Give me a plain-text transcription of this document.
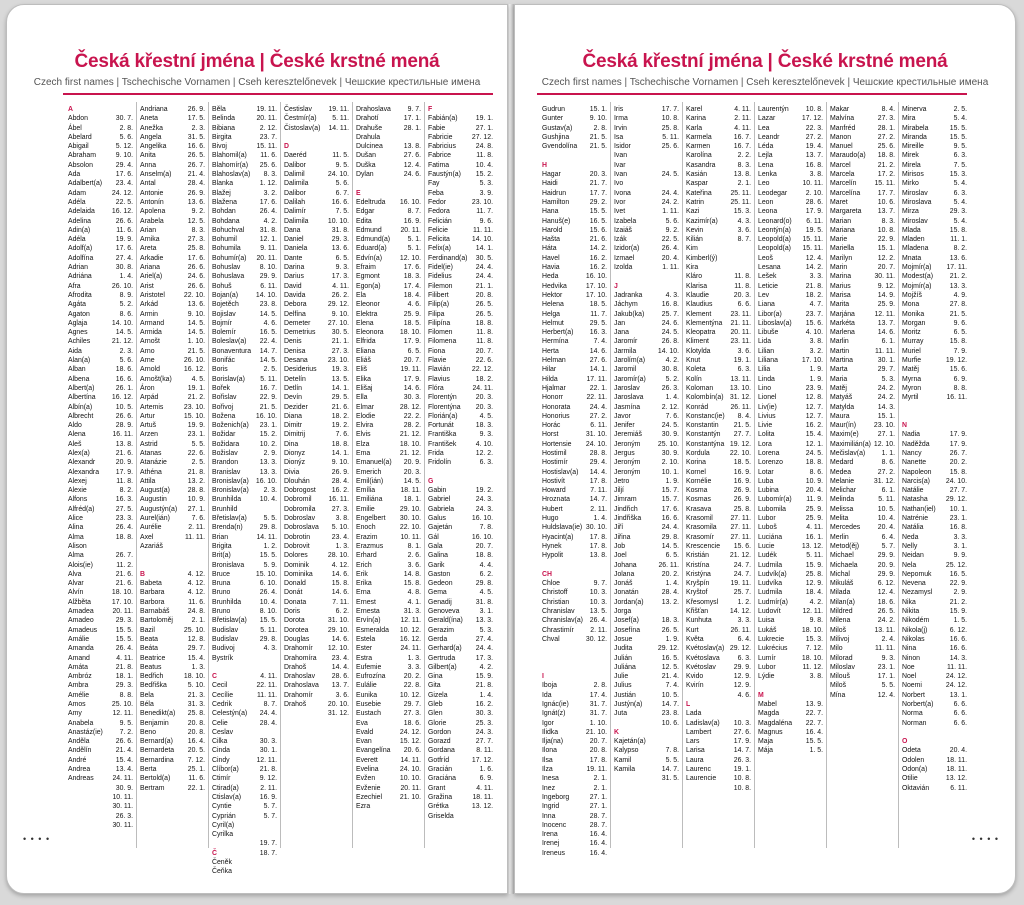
Česká křestní jména | České krstné mená
Czech first names | Tschechische Vornamen | Cseh keresztelőnevek | Чешские крестильные имена
A
Abdon
Ábel
Abelard
Abigail
Abraham
Absolon
Ada
Adalbert(a)
Adam
Adéla
Adelaida
Adelina
Adin(a)
Adéla
Adolf(a)
Adolfína
Adrian
Adriána
Afra
Afrodita
Agáta
Agaton
Aglaja
Agnes
Achiles
Aida
Alan(a)
Alban
Albena
Albert(a)
Albertína
Albín(a)
Albrecht
Aldo
Alena
Aleš
Alex(a)
Alexandr
Alexandra
Alexej
Alexie
Alfons
Alfréd(a)
Alice
Alina
Alma
Alison
Alma
Alois(ie)
Alva
Alvar
Alvín
Alžběta
Amadea
Amadeo
Amadeus
Amálie
Amanda
Amand
Amáta
Ambróz
Ambra
Amélie
Amos
Amy
Anabela
Anastáz(ie)
Anděla
Andělín
André
Andrea
Andreas

30. 7.
2. 8.
5. 6.
5. 12.
9. 10.
29. 4.
17. 6.
23. 4.
24. 12.
22. 5.
16. 12.
26. 6.
11. 6.
19. 9.
17. 6.
27. 4.
30. 8.
1. 4.
26. 10.
8. 9.
5. 2.
8. 6.
14. 10.
14. 5.
21. 12.
2. 3.
5. 6.
18. 6.
16. 6.
26. 1.
16. 12.
10. 5.
26. 6.
28. 9.
16. 11.
13. 8.
21. 6.
20. 9.
17. 9.
11. 8.
8. 2.
16. 3.
27. 5.
23. 3.
26. 4.
18. 8.

26. 7.
11. 2.
21. 6.
21. 6.
18. 10.
17. 10.
20. 11.
29. 3.
15. 5.
15. 5.
26. 4.
4. 11.
21. 8.
18. 1.
29. 3.
8. 8.
25. 10.
12. 11.
9. 5.
7. 2.
26. 6.
21. 4.
15. 4.
13. 4.
24. 11.
30. 9.
10. 11.
30. 11.
26. 3.
30. 11.
Andriana
Aneta
Anežka
Angela
Angelika
Anita
Anna
Anselm(a)
Antal
Antonie
Antonín
Apolena
Arabela
Arian
Arnika
Areta
Arkadie
Ariana
Ariel(a)
Arist
Aristotel
Arkád
Armin
Armand
Armida
Arnošt
Arno
Arne
Arnold
Arnošt(ka)
Áron
Arpád
Artemis
Artur
Artuš
Arzen
Astrid
Atanas
Atanázie
Athéna
Attila
August(a)
Augustin
Augustýn(a)
Aurel(ián)
Aurélie
Axel
Azariáš

B
Babeta
Barbara
Barbora
Barnabáš
Bartoloměj
Bazil
Beata
Beáta
Beatrice
Beatus
Bedřich
Bedřiška
Bela
Béla
Benedikt(a)
Benjamin
Beno
Bernard(a)
Bernardeta
Bernardina
Berta
Bertold(a)
Bertram
26. 9.
17. 5.
2. 3.
31. 5.
16. 6.
26. 5.
26. 7.
21. 4.
28. 4.
26. 9.
13. 6.
9. 2.
12. 5.
8. 3.
27. 3.
25. 8.
17. 6.
26. 6.
24. 6.
26. 6.
22. 10.
13. 6.
9. 10.
14. 5.
14. 5.
1. 10.
21. 5.
26. 10.
16. 12.
4. 5.
19. 1.
21. 2.
23. 10.
15. 10.
19. 9.
23. 1.
5. 5.
22. 6.
2. 5.
21. 8.
13. 2.
28. 8.
10. 9.
27. 1.
7. 6.
2. 11.
11. 11.

4. 12.
4. 12.
4. 12.
11. 6.
24. 8.
2. 1.
25. 10.
12. 8.
29. 7.
15. 4.
1. 3.
18. 10.
5. 10.
21. 3.
31. 3.
25. 8.
20. 8.
20. 8.
16. 4.
20. 5.
7. 12.
25. 1.
11. 6.
22. 1.
Běla
Belinda
Bibiana
Birgita
Bivoj
Blahomil(a)
Blahomír(a)
Blahoslav(a)
Blanka
Blažej
Blažena
Bohdan
Bohdana
Bohuchval
Bohumil
Bohumila
Bohumír(a)
Bohuslav
Bohuslava
Bohuš
Bojan(a)
Bojetěch
Bojislav
Bojmír
Bolemír
Boleslav(a)
Bonaventura
Bonifác
Boris
Borislav(a)
Bořek
Bořislav
Bořivoj
Božena
Boženich(a)
Božidar
Božidara
Božislav
Brandon
Branislav
Bronislav(a)
Bronislav(a)
Brunhilda
Brunhild
Břetislav(a)
Brenda(n)
Brian
Brigita
Brit(a)
Bronislava
Bruce
Bruna
Bruno
Brunhilda
Bruno
Břetislav(a)
Budislav
Budislav
Budivoj
Bystrík

C
Cecil
Cecílie
Cedrik
Celestýn(a)
Celie
Ceslav
Cilka
Cinda
Cindy
Clíbor(a)
Ctimír
Ctirad(a)
Ctislav(a)
Cyntie
Cyprián
Cyril(a)
Cyrilka

Č
Čeněk
Čeňka
19. 11.
20. 11.
2. 12.
23. 7.
15. 11.
11. 6.
25. 6.
8. 3.
1. 12.
3. 2.
17. 6.
26. 4.
4. 2.
31. 8.
12. 1.
9. 11.
20. 11.
8. 10.
29. 9.
6. 11.
14. 10.
23. 8.
14. 5.
4. 6.
16. 5.
22. 4.
14. 7.
14. 5.
2. 5.
5. 11.
16. 7.
22. 9.
21. 5.
16. 10.
23. 1.
15. 2.
10. 2.
2. 9.
13. 3.
13. 3.
16. 10.
2. 3.
10. 4.

5. 5.
29. 8.
14. 11.
1. 2.
15. 5.
5. 9.
15. 10.
6. 10.
26. 4.
10. 4.
8. 10.
15. 5.
5. 11.
29. 8.
4. 3.

4. 11.
22. 11.
11. 11.
8. 7.
24. 4.
28. 4.

30. 3.
30. 1.
12. 11.
21. 8.
9. 12.
2. 11.
16. 9.
5. 7.
5. 7.

19. 7.
18. 7.
Čestislav
Čestmír(a)
Čistoslav(a)

D
Daeréd
Dalibor
Dalimil
Dalimila
Dalibor
Dalilah
Dalimír
Dalimila
Dana
Daniel
Daniela
Dante
Darina
Darius
David
Davida
Debora
Delfína
Demeter
Demetrius
Denis
Denisa
Desana
Desiderius
Detelín
Detlín
Devín
Dezider
Diana
Dimitr
Dimitrij
Dina
Dionyz
Dionýz
Divia
Dlouhán
Dobrogost
Dobromil
Dobromila
Dobroslav
Dobroslava
Dobrotin
Dobrovit
Dolores
Dominik
Dominika
Donald
Donát
Donata
Doris
Dorota
Dorotea
Douglas
Drahomír
Drahomíra
Drahoš
Drahoslav
Drahoslava
Drahomír
Drahoš
19. 11.
5. 11.
14. 11.

11. 5.
9. 5.
24. 10.
5. 6.
6. 7.
16. 6.
7. 5.
10. 10.
31. 8.
29. 3.
13. 6.
6. 5.
9. 3.
17. 3.
4. 11.
26. 2.
29. 12.
9. 10.
27. 10.
30. 5.
21. 1.
27. 3.
23. 10.
19. 3.
13. 5.
14. 1.
29. 5.
21. 6.
18. 2.
19. 2.
7. 6.
18. 8.
14. 1.
9. 10.
26. 9.
28. 4.
16. 2.
16. 11.
27. 3.
3. 8.
5. 10.
23. 4.
1. 3.
28. 10.
4. 12.
14. 6.
15. 8.
14. 6.
7. 11.
6. 2.
31. 10.
29. 10.
14. 6.
12. 10.
23. 4.
14. 4.
28. 6.
13. 7.
3. 6.
20. 10.
31. 12.
Drahoslava
Drahotí
Drahuše
Drahula
Dulcinea
Dušan
Duška
Dylan

E
Edeltruda
Edgar
Edita
Edmund
Edmund(a)
Eduard(a)
Edvín(a)
Efraim
Egmont
Egon(a)
Ela
Eleonor
Elektra
Elena
Eleonora
Elfrida
Eliana
Eliáš
Eliš
Elika
Elišaj
Ella
Elmar
Elodie
Elvira
Elvis
Elza
Ema
Emanuel(a)
Emerich
Emil(ián)
Emília
Emiliána
Emilie
Engelbert
Enoch
Erazim
Erazmus
Erhard
Erich
Erik
Erika
Erna
Ernest
Ernesta
Ervín(a)
Esmeralda
Estela
Ester
Estra
Eufemie
Eufrozína
Eulálie
Eunika
Eusebie
Eustach
Eva
Evald
Evan
Evangelína
Everett
Evelina
Evžen
Evženie
Ezechiel
Ezra
9. 7.
17. 1.
28. 1.

13. 8.
27. 6.
12. 4.
24. 6.

16. 10.
8. 7.
16. 9.
20. 11.
5. 1.
5. 1.
12. 10.
17. 6.
18. 3.
17. 4.
18. 4.
4. 6.
25. 9.
18. 5.
18. 10.
17. 9.
6. 5.
20. 7.
19. 11.
17. 9.
14. 6.
30. 3.
28. 12.
22. 2.
28. 2.
21. 12.
18. 10.
21. 12.
20. 9.
20. 3.
14. 5.
18. 11.
18. 1.
29. 10.
30. 10.
22. 10.
10. 11.
8. 1.
2. 6.
3. 6.
14. 8.
15. 8.
4. 8.
4. 1.
31. 3.
12. 11.
10. 12.
16. 12.
24. 11.
1. 3.
3. 3.
20. 2.
22. 8.
10. 12.
29. 7.
27. 3.
18. 6.
24. 12.
15. 12.
20. 6.
14. 11.
24. 10.
10. 10.
20. 11.
21. 10.
F
Fabián(a)
Fabie
Fabricie
Fabricius
Fabrice
Fatima
Faustýn(a)
Fay
Feba
Fedor
Fedora
Felicián
Felicie
Felicita
Felix(a)
Ferdinand(a)
Fidel(ie)
Fidelius
Filemon
Filibert
Filip(a)
Filipa
Filipína
Filomen
Filomena
Fiona
Flavie
Flavián
Flavius
Flóra
Florentýn
Florentýna
Florián(a)
Fortunát
Františka
František
Frida
Fridolín

G
Gabin
Gabriel
Gabriela
Galus
Gajetán
Gál
Gala
Galina
Garik
Gaston
Gedeon
Gema
Genadij
Genoveva
Gerald(ína)
Gerazim
Gerda
Gerhard(a)
Gertruda
Gilbert(a)
Gina
Gita
Gizela
Gleb
Glen
Glorie
Gordon
Gorazd
Gordana
Gotfríd
Gracián
Graciána
Grant
Gražina
Grétka
Griselda

19. 1.
27. 1.
27. 12.
24. 8.
11. 8.
10. 4.
15. 2.
5. 3.
3. 9.
23. 10.
11. 7.
9. 6.
11. 11.
14. 10.
14. 1.
30. 5.
24. 4.
24. 4.
21. 1.
20. 8.
26. 5.
26. 5.
18. 8.
11. 8.
11. 8.
20. 7.
22. 6.
22. 12.
18. 2.
24. 11.
20. 3.
20. 3.
4. 5.
18. 3.
9. 3.
4. 10.
12. 2.
6. 3.

19. 2.
24. 3.
24. 3.
16. 10.
7. 8.
16. 10.
20. 7.
18. 8.
4. 4.
6. 2.
29. 8.
4. 5.
31. 8.
3. 1.
13. 3.
5. 3.
27. 4.
24. 4.
17. 3.
4. 2.
15. 9.
21. 8.
1. 4.
16. 2.
30. 3.
25. 3.
24. 3.
27. 7.
8. 11.
17. 12.
1. 6.
6. 9.
4. 11.
18. 11.
13. 12.
• • • •
Česká křestní jména | České krstné mená
Czech first names | Tschechische Vornamen | Cseh keresztelőnevek | Чешские крестильные имена
Gudrun
Gunter
Gustav(a)
Gushjina
Gvendolína

H
Hagar
Haidi
Haidrun
Hamilton
Hana
Hanuš(e)
Harold
Hašta
Háta
Havel
Havia
Heda
Hedvika
Hektor
Helena
Helga
Helmut
Herbert(a)
Hermína
Herta
Helman
Hilar
Hilda
Hjalmar
Honorr
Honorata
Honorius
Horác
Horst
Hortensie
Hostimil
Hostimír
Hostislav(a)
Hostivít
Howard
Hroznata
Hubert
Hugo
Huldslava(ie)
Hyacint(a)
Hynek
Hypolit

CH
Chloe
Christoff
Christian
Chranislav
Chranislav(a)
Chrastimír
Chval

I
Iboja
Ida
Ignác(ie)
Ignát(z)
Igor
Ilidka
Ilja(na)
Ilona
Ilsa
Ilza
Inesa
Inez
Ingeborg
Ingrid
Inna
Inocenc
Irena
Irenej
Ireneus
15. 1.
9. 10.
2. 8.
21. 5.
21. 5.

20. 3.
21. 7.
17. 7.
29. 2.
15. 5.
16. 5.
15. 6.
21. 6.
14. 2.
16. 2.
16. 2.
16. 10.
17. 10.
17. 10.
18. 5.
11. 7.
29. 5.
16. 3.
7. 4.
14. 6.
27. 6.
14. 1.
17. 11.
22. 1.
22. 11.
24. 4.
27. 2.
6. 11.
31. 10.
24. 10.
28. 8.
29. 4.
14. 4.
17. 8.
7. 11.
14. 7.
2. 11.
1. 4.
30. 10.
17. 8.
17. 8.
13. 8.

9. 7.
10. 3.
10. 3.
13. 5.
26. 4.
2. 11.
30. 12.

2. 8.
17. 4.
31. 7.
31. 7.
1. 10.
21. 10.
20. 7.
20. 8.
17. 8.
19. 11.
2. 1.
2. 1.
27. 1.
27. 1.
28. 7.
28. 7.
16. 4.
16. 4.
16. 4.
Iris
Irma
Irvin
Isa
Isidor
Ivan
Ivar
Ivan
Ivo
Ivona
Ivor
Ivet
Izabela
Izaiáš
Izák
Izidor(a)
Izmael
Izolda

J
Jadranka
Jáchym
Jakub(ka)
Jan
Jana
Jaromír
Jarmila
Jarolím(a)
Jaromil
Jaromír(a)
Jaroslav
Jaroslava
Jasmína
Javor
Jenifer
Jeremiáš
Jeroným
Jergus
Jeroným
Jeroným
Jetro
Jiljí
Jimram
Jindřich
Jindřiška
Jiří
Jiřina
Job
Joel
Johana
Jolana
Jonáš
Jonatán
Jordan(a)
Jorga
Josef(a)
Josefína
Josue
Judita
Julián
Juliána
Julie
Julius
Justián
Justýn(a)
Juta

K
Kajetán(a)
Kalypso
Kamil
Kamila
17. 7.
10. 8.
25. 8.
5. 11.
25. 6.

24. 5.

24. 4.
24. 2.
1. 11.
5. 6.
9. 2.
22. 5.
26. 4.
20. 4.
1. 11.

4. 3.
16. 8.
25. 7.
24. 6.
24. 5.
26. 8.
14. 10.
4. 2.
30. 8.
5. 2.
26. 3.
1. 4.
2. 12.
7. 6.
24. 5.
30. 9.
25. 10.
30. 9.
2. 10.
10. 1.
1. 9.
15. 7.
15. 7.
17. 6.
16. 6.
24. 4.
29. 8.
14. 5.
6. 5.
26. 11.
20. 2.
1. 4.
28. 4.
13. 2.

18. 3.
26. 5.
1. 9.
29. 12.
16. 5.
12. 5.
21. 4.
7. 4.
10. 5.
14. 7.
23. 8.
10. 6.

7. 8.
5. 5.
14. 7.
31. 5.
Karel
Karina
Karla
Karmela
Karmen
Karolína
Kasandra
Kasián
Kaspar
Kateřina
Katrin
Kazi
Kazimír(a)
Kevin
Kilián
Kim
Kimberl(ý)
Kira
Kláro
Klarisa
Klaudie
Klaudius
Klement
Klementýna
Kleopatra
Kliment
Klotylda
Knut
Koleta
Kolín
Koloman
Kolombín(a)
Konrád
Konstanc(ie)
Konstantin
Konstantýn
Konstantýna
Kordula
Korina
Kornel
Kornélie
Kosma
Kosmas
Krasava
Krasomil
Krasomila
Krasomír
Krescencie
Kristián
Kristína
Kristýna
Kryšpín
Kryštof
Křesomysl
Křišťan
Kunhuta
Kurt
Květa
Kvétoslav(a)
Kvétoslava
Kvétoslav
Kvido
Kvirín

L
Lada
Ladislav(a)
Lambert
Lars
Larisa
Laura
Laurenc
Laurencie
4. 11.
2. 11.
4. 11.
16. 7.
16. 7.
2. 2.
8. 3.
13. 8.
2. 1.
25. 11.
25. 11.
15. 3.
4. 3.
3. 6.
8. 7.

11. 8.
11. 8.
20. 3.
6. 6.
23. 11.
21. 11.
20. 11.
23. 11.
3. 6.
19. 1.
6. 3.
13. 11.
13. 10.
31. 12.
26. 11.
8. 4.
21. 5.
27. 7.
19. 12.
22. 10.
18. 5.
16. 9.
16. 9.
26. 9.
26. 9.
25. 8.
27. 11.
27. 11.
27. 11.
15. 6.
21. 12.
24. 7.
24. 7.
19. 11.
25. 7.
1. 2.
14. 12.
3. 3.
26. 11.
6. 4.
29. 12.
6. 3.
29. 9.
12. 9.
12. 9.
4. 6.

10. 3.
27. 6.
17. 9.
14. 7.
26. 3.
19. 1.
10. 8.
10. 8.
Laurentýn
Lazar
Lea
Leandr
Léda
Lejla
Lena
Lenka
Leo
Leodegar
Leon
Leona
Leonard(o)
Leontýn(a)
Leopold(a)
Leopold(a)
Leoš
Lesana
Lešek
Leticie
Lev
Liana
Libor(a)
Liboslav(a)
Libuše
Lida
Lilian
Liliana
Lilia
Linda
Lino
Lionel
Liv(ie)
Livius
Livie
Lolita
Lora
Lorena
Lorenzo
Lotar
Luba
Lubina
Lubomír(a)
Lubomila
Lubor
Luboš
Luciána
Lucie
Ludék
Ludmila
Ludvík(a)
Ludvíka
Ludmila
Ludmír(a)
Ludovít
Luisa
Lukáš
Lukrecie
Lukrécius
Lumír
Lubor
Lýdie

M
Mabel
Magda
Magdaléna
Magnus
Maja
Mája
10. 8.
17. 12.
22. 3.
27. 2.
19. 4.
13. 7.
16. 8.
3. 8.
10. 11.
2. 10.
28. 6.
17. 9.
6. 11.
19. 5.
15. 11.
15. 11.
12. 4.
14. 2.
3. 3.
21. 8.
18. 2.
4. 7.
23. 7.
15. 6.
4. 10.
3. 8.
3. 2.
17. 10.
1. 9.
1. 9.
23. 9.
12. 8.
12. 7.
12. 7.
16. 2.
15. 4.
12. 1.
24. 5.
18. 8.
8. 6.
10. 9.
20. 4.
11. 9.
25. 9.
25. 9.
4. 11.
16. 1.
13. 12.
5. 11.
15. 9.
25. 8.
12. 9.
18. 4.
4. 2.
12. 11.
9. 8.
18. 10.
15. 3.
7. 12.
18. 10.
11. 12.
3. 8.

13. 9.
22. 7.
22. 7.
16. 4.
15. 5.
1. 5.
Makar
Malvína
Manfréd
Manon
Manuel
Maraudo(a)
Marcel
Marcela
Marcelín
Marcelína
Maret
Margareta
Marian
Mariana
Marie
Mariella
Marilyn
Marin
Marina
Marius
Marisa
Marita
Marjána
Markéta
Marlena
Marlin
Martin
Martina
Marta
Maria
Matěj
Matyáš
Matylda
Maura
Maur(ín)
Maxim(e)
Maximilián(a)
Mečislav(a)
Medard
Medea
Melanie
Melichar
Melinda
Melissa
Melita
Mercedes
Merlin
Metod(ěj)
Michael
Michaela
Michal
Mikuláš
Milada
Milan(a)
Mildred
Milena
Miloš
Milivoj
Milo
Milorad
Miloslav
Milouš
Miloš
Mína
8. 4.
27. 3.
28. 1.
27. 2.
25. 6.
18. 8.
21. 2.
17. 2.
15. 11.
17. 7.
10. 6.
13. 7.
8. 3.
10. 8.
22. 9.
15. 1.
12. 2.
20. 7.
30. 11.
9. 12.
14. 9.
25. 9.
12. 11.
13. 7.
14. 6.
6. 1.
11. 11.
30. 1.
29. 7.
5. 3.
24. 2.
24. 2.
14. 3.
15. 1.
23. 10.
27. 1.
12. 10.
1. 1.
8. 6.
27. 2.
31. 12.
6. 1.
5. 11.
10. 5.
10. 4.
20. 4.
6. 4.
5. 7.
29. 9.
20. 9.
29. 9.
6. 12.
12. 4.
18. 6.
26. 5.
24. 2.
13. 11.
2. 4.
11. 11.
9. 3.
23. 1.
17. 1.
5. 5.
12. 4.
Minerva
Mira
Mirabela
Miranda
Mireille
Mirek
Mirela
Mirisos
Mirko
Miroslav
Miroslava
Mirza
Miroslav
Mlada
Mladen
Mladena
Mnata
Mojmír(a)
Modest(a)
Mojmír(a)
Mojžíš
Mona
Monika
Morgan
Moritz
Murray
Muriel
Murfie
Matěj
Myrna
Myron
Myrtil

N
Nadia
Naděžda
Nancy
Nanette
Napoleon
Narcis(a)
Natálie
Natasha
Nathan(iel)
Natrénie
Natália
Neda
Nelly
Neidan
Nela
Nepomuk
Nevena
Nezamysl
Nika
Nikita
Nikodém
Nikola(j)
Nikolas
Nina
Ninon
Noe
Noel
Noemi
Norbert
Norbert(a)
Norma
Norman

O
Odeta
Odolen
Odon(a)
Otilie
Oktavián
2. 5.
5. 4.
15. 5.
15. 5.
9. 5.
6. 3.
7. 5.
15. 3.
5. 4.
6. 3.
5. 4.
29. 3.
5. 4.
15. 8.
11. 1.
8. 2.
13. 6.
17. 11.
21. 2.
13. 3.
4. 9.
27. 8.
21. 5.
9. 6.
6. 5.
15. 8.
7. 9.
19. 12.
15. 6.
6. 9.
8. 8.
16. 11.

17. 9.
17. 9.
26. 7.
20. 2.
15. 8.
24. 10.
27. 7.
29. 12.
10. 1.
23. 1.
16. 8.
3. 3.
3. 1.
9. 9.
25. 12.
16. 5.
22. 9.
2. 9.
21. 2.
15. 9.
1. 5.
6. 12.
16. 6.
16. 6.
14. 3.
11. 11.
24. 12.
24. 12.
13. 1.
6. 6.
6. 6.
6. 6.

20. 4.
18. 11.
18. 11.
13. 12.
6. 11.
• • • •
